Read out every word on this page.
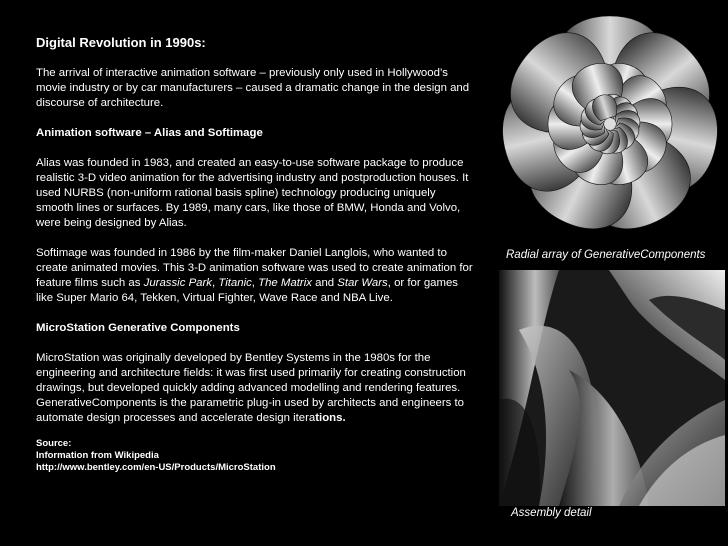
Digital Revolution in 1990s:

The arrival of interactive animation software – previously only used in Hollywood’s movie industry or by car manufacturers – caused a dramatic change in the design and discourse of architecture.

Animation software – Alias and Softimage

Alias was founded in 1983, and created an easy-to-use software package to produce realistic 3-D video animation for the advertising industry and postproduction houses. It used NURBS (non-uniform rational basis spline) technology producing uniquely smooth lines or surfaces. By 1989, many cars, like those of BMW, Honda and Volvo, were being designed by Alias.

Softimage was founded in 1986 by the film-maker Daniel Langlois, who wanted to create animated movies. This 3-D animation software was used to create animation for feature films such as Jurassic Park, Titanic, The Matrix and Star Wars, or for games like Super Mario 64, Tekken, Virtual Fighter, Wave Race and NBA Live.

MicroStation Generative Components

MicroStation was originally developed by Bentley Systems in the 1980s for the engineering and architecture fields: it was first used primarily for creating construction drawings, but developed quickly adding advanced modelling and rendering features. GenerativeComponents is the parametric plug-in used by architects and engineers to automate design processes and accelerate design iterations.

Source:
Information from Wikipedia
http://www.bentley.com/en-US/Products/MicroStation
Radial array of GenerativeComponents
Assembly detail
